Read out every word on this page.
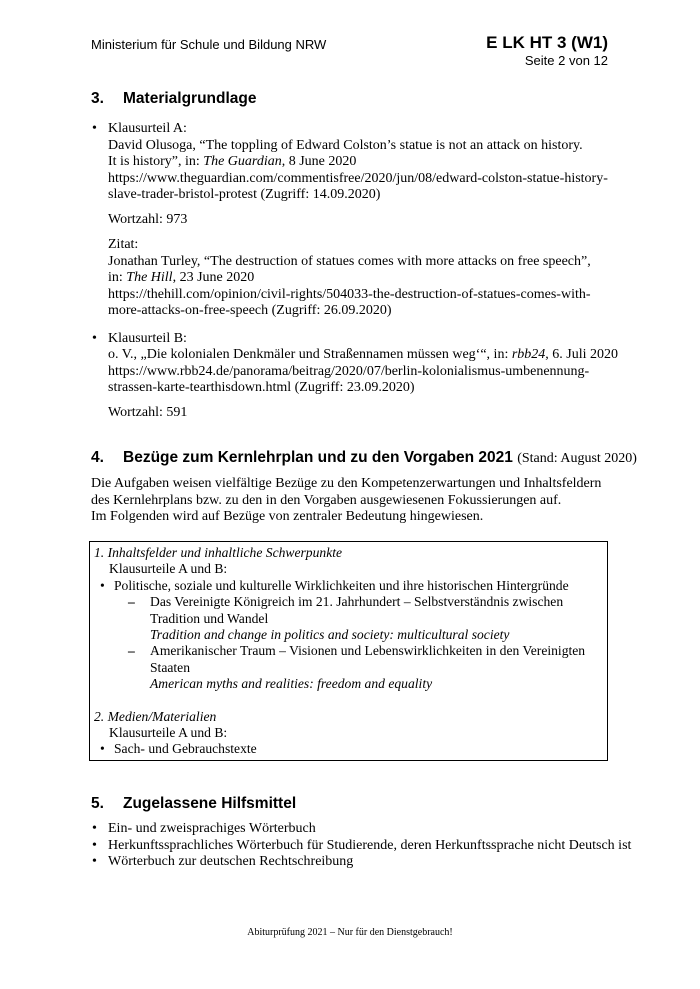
Ministerium für Schule und Bildung NRW	E LK HT 3 (W1)
Seite 2 von 12
3. Materialgrundlage
• Klausurteil A:
David Olusoga, “The toppling of Edward Colston’s statue is not an attack on history.
It is history”, in: The Guardian, 8 June 2020
https://www.theguardian.com/commentisfree/2020/jun/08/edward-colston-statue-history-
slave-trader-bristol-protest (Zugriff: 14.09.2020)
Wortzahl: 973
Zitat:
Jonathan Turley, “The destruction of statues comes with more attacks on free speech”,
in: The Hill, 23 June 2020
https://thehill.com/opinion/civil-rights/504033-the-destruction-of-statues-comes-with-
more-attacks-on-free-speech (Zugriff: 26.09.2020)
• Klausurteil B:
o. V., „Die kolonialen Denkmäler und Straßennamen müssen weg‘“, in: rbb24, 6. Juli 2020
https://www.rbb24.de/panorama/beitrag/2020/07/berlin-kolonialismus-umbenennung-
strassen-karte-tearthisdown.html (Zugriff: 23.09.2020)
Wortzahl: 591
4. Bezüge zum Kernlehrplan und zu den Vorgaben 2021 (Stand: August 2020)
Die Aufgaben weisen vielfältige Bezüge zu den Kompetenzerwartungen und Inhaltsfeldern
des Kernlehrplans bzw. zu den in den Vorgaben ausgewiesenen Fokussierungen auf.
Im Folgenden wird auf Bezüge von zentraler Bedeutung hingewiesen.
1. Inhaltsfelder und inhaltliche Schwerpunkte
Klausurteile A und B:
• Politische, soziale und kulturelle Wirklichkeiten und ihre historischen Hintergründe
– Das Vereinigte Königreich im 21. Jahrhundert – Selbstverständnis zwischen
Tradition und Wandel
Tradition and change in politics and society: multicultural society
– Amerikanischer Traum – Visionen und Lebenswirklichkeiten in den Vereinigten
Staaten
American myths and realities: freedom and equality
2. Medien/Materialien
Klausurteile A und B:
• Sach- und Gebrauchstexte
5. Zugelassene Hilfsmittel
• Ein- und zweisprachiges Wörterbuch
• Herkunftssprachliches Wörterbuch für Studierende, deren Herkunftssprache nicht Deutsch ist
• Wörterbuch zur deutschen Rechtschreibung
Abiturprüfung 2021 – Nur für den Dienstgebrauch!
